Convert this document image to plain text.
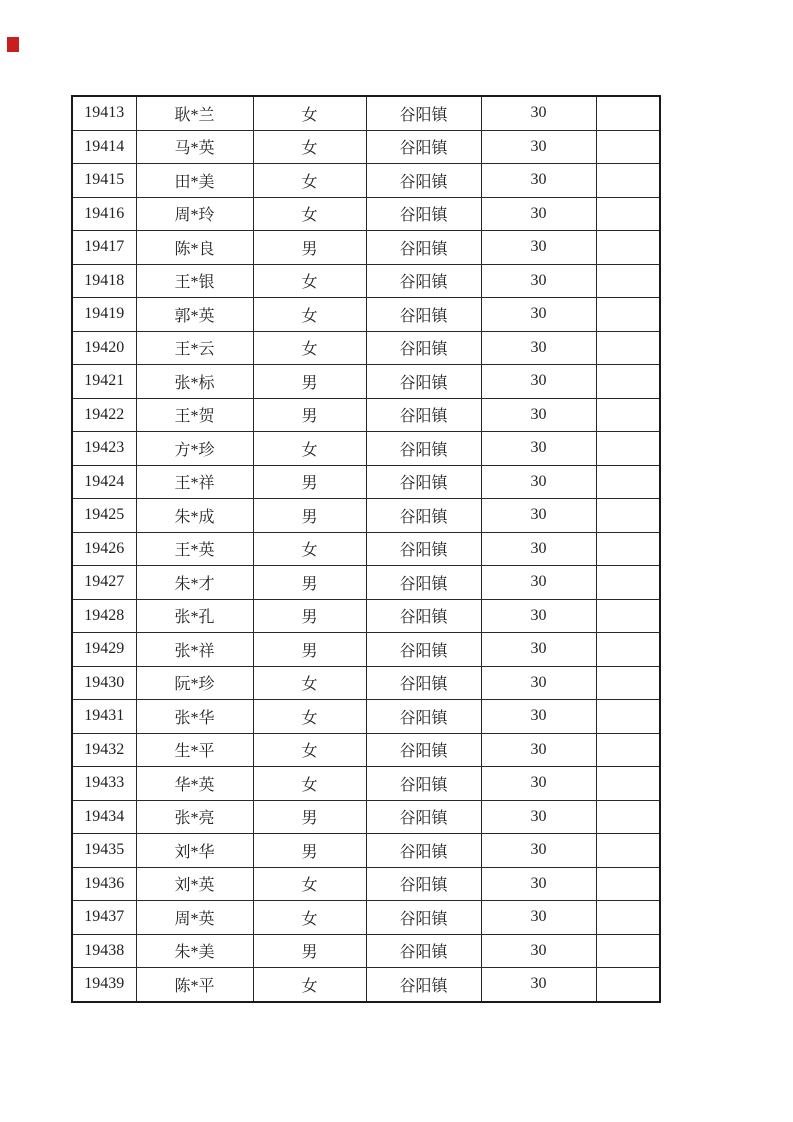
19413	耿*兰	女	谷阳镇	30	
19414	马*英	女	谷阳镇	30	
19415	田*美	女	谷阳镇	30	
19416	周*玲	女	谷阳镇	30	
19417	陈*良	男	谷阳镇	30	
19418	王*银	女	谷阳镇	30	
19419	郭*英	女	谷阳镇	30	
19420	王*云	女	谷阳镇	30	
19421	张*标	男	谷阳镇	30	
19422	王*贺	男	谷阳镇	30	
19423	方*珍	女	谷阳镇	30	
19424	王*祥	男	谷阳镇	30	
19425	朱*成	男	谷阳镇	30	
19426	王*英	女	谷阳镇	30	
19427	朱*才	男	谷阳镇	30	
19428	张*孔	男	谷阳镇	30	
19429	张*祥	男	谷阳镇	30	
19430	阮*珍	女	谷阳镇	30	
19431	张*华	女	谷阳镇	30	
19432	生*平	女	谷阳镇	30	
19433	华*英	女	谷阳镇	30	
19434	张*亮	男	谷阳镇	30	
19435	刘*华	男	谷阳镇	30	
19436	刘*英	女	谷阳镇	30	
19437	周*英	女	谷阳镇	30	
19438	朱*美	男	谷阳镇	30	
19439	陈*平	女	谷阳镇	30	
